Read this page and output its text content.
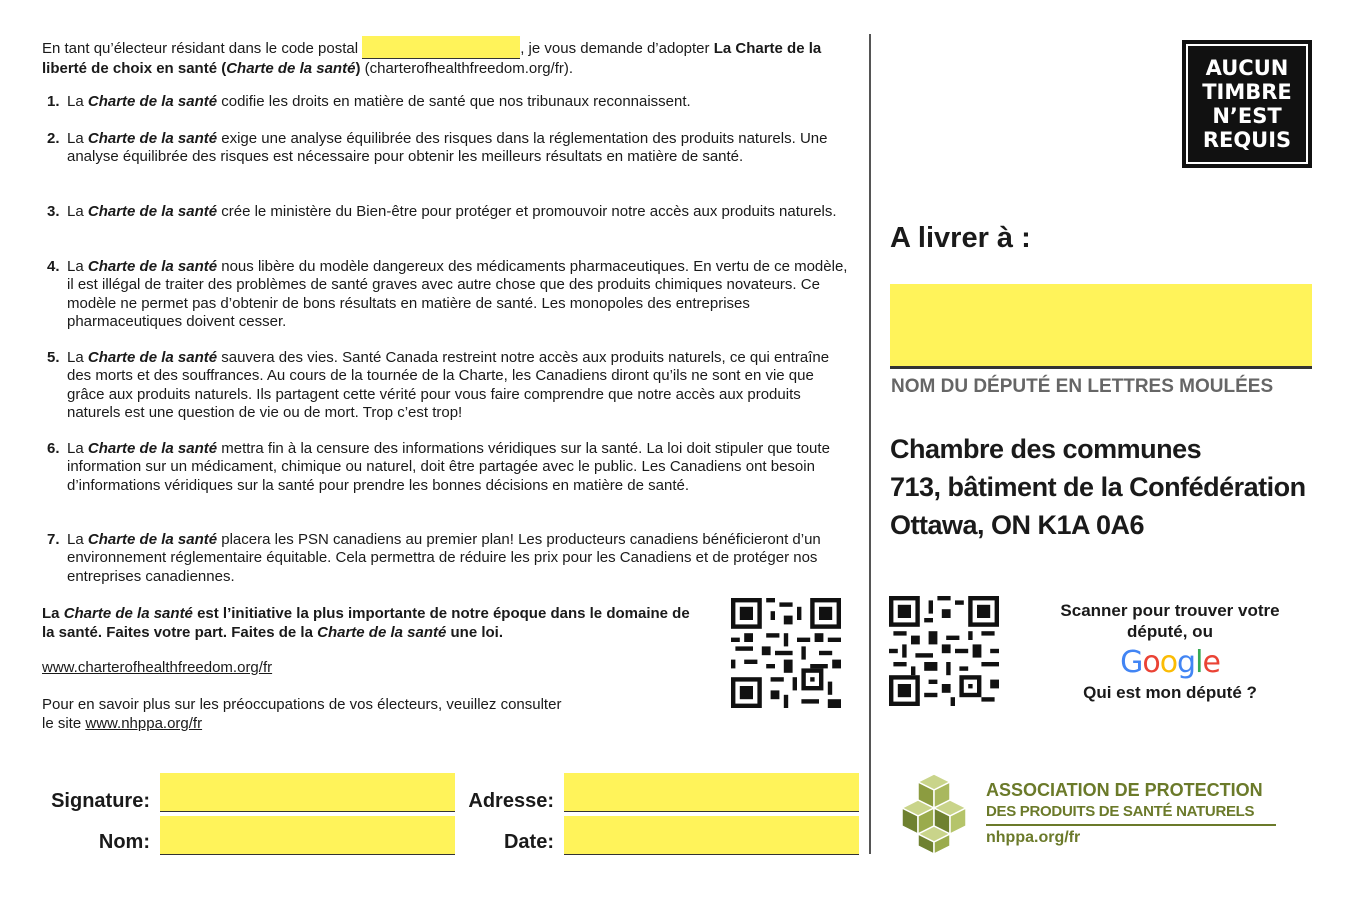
En tant qu’électeur résidant dans le code postal	, je vous demande d’adopter La Charte de la liberté de choix en santé (Charte de la santé) (charterofhealthfreedom.org/fr).
1. La Charte de la santé codifie les droits en matière de santé que nos tribunaux reconnaissent.
2. La Charte de la santé exige une analyse équilibrée des risques dans la réglementation des produits naturels. Une analyse équilibrée des risques est nécessaire pour obtenir les meilleurs résultats en matière de santé.
3. La Charte de la santé crée le ministère du Bien-être pour protéger et promouvoir notre accès aux produits naturels.
4. La Charte de la santé nous libère du modèle dangereux des médicaments pharmaceutiques. En vertu de ce modèle, il est illégal de traiter des problèmes de santé graves avec autre chose que des produits chimiques novateurs. Ce modèle ne permet pas d’obtenir de bons résultats en matière de santé. Les monopoles des entreprises pharmaceutiques doivent cesser.
5. La Charte de la santé sauvera des vies. Santé Canada restreint notre accès aux produits naturels, ce qui entraîne des morts et des souffrances. Au cours de la tournée de la Charte, les Canadiens diront qu’ils ne sont en vie que grâce aux produits naturels. Ils partagent cette vérité pour vous faire comprendre que notre accès aux produits naturels est une question de vie ou de mort. Trop c’est trop!
6. La Charte de la santé mettra fin à la censure des informations véridiques sur la santé. La loi doit stipuler que toute information sur un médicament, chimique ou naturel, doit être partagée avec le public. Les Canadiens ont besoin d’informations véridiques sur la santé pour prendre les bonnes décisions en matière de santé.
7. La Charte de la santé placera les PSN canadiens au premier plan! Les producteurs canadiens bénéficieront d’un environnement réglementaire équitable. Cela permettra de réduire les prix pour les Canadiens et de protéger nos entreprises canadiennes.
La Charte de la santé est l’initiative la plus importante de notre époque dans le domaine de la santé. Faites votre part. Faites de la Charte de la santé une loi.
www.charterofhealthfreedom.org/fr
Pour en savoir plus sur les préoccupations de vos électeurs, veuillez consulter le site www.nhppa.org/fr
Signature:
Nom:
Adresse:
Date:
AUCUN
TIMBRE
N’EST
REQUIS
A livrer à :
NOM DU DÉPUTÉ EN LETTRES MOULÉES
Chambre des communes
713, bâtiment de la Confédération
Ottawa, ON K1A 0A6
Scanner pour trouver votre député, ou
Google
Qui est mon député ?
ASSOCIATION DE PROTECTION
DES PRODUITS DE SANTÉ NATURELS
nhppa.org/fr
